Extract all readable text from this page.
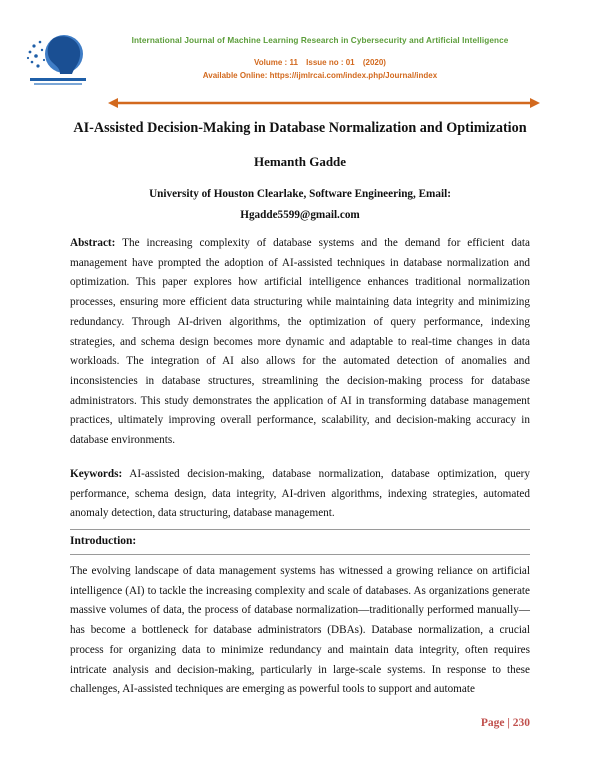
International Journal of Machine Learning Research in Cybersecurity and Artificial Intelligence
Volume : 11 Issue no : 01 (2020)
Available Online: https://ijmlrcai.com/index.php/Journal/index
AI-Assisted Decision-Making in Database Normalization and Optimization
Hemanth Gadde
University of Houston Clearlake, Software Engineering, Email:
Hgadde5599@gmail.com
Abstract: The increasing complexity of database systems and the demand for efficient data management have prompted the adoption of AI-assisted techniques in database normalization and optimization. This paper explores how artificial intelligence enhances traditional normalization processes, ensuring more efficient data structuring while maintaining data integrity and minimizing redundancy. Through AI-driven algorithms, the optimization of query performance, indexing strategies, and schema design becomes more dynamic and adaptable to real-time changes in data workloads. The integration of AI also allows for the automated detection of anomalies and inconsistencies in database structures, streamlining the decision-making process for database administrators. This study demonstrates the application of AI in transforming database management practices, ultimately improving overall performance, scalability, and decision-making accuracy in database environments.
Keywords: AI-assisted decision-making, database normalization, database optimization, query performance, schema design, data integrity, AI-driven algorithms, indexing strategies, automated anomaly detection, data structuring, database management.
Introduction:
The evolving landscape of data management systems has witnessed a growing reliance on artificial intelligence (AI) to tackle the increasing complexity and scale of databases. As organizations generate massive volumes of data, the process of database normalization—traditionally performed manually—has become a bottleneck for database administrators (DBAs). Database normalization, a crucial process for organizing data to minimize redundancy and maintain data integrity, often requires intricate analysis and decision-making, particularly in large-scale systems. In response to these challenges, AI-assisted techniques are emerging as powerful tools to support and automate
Page | 230
